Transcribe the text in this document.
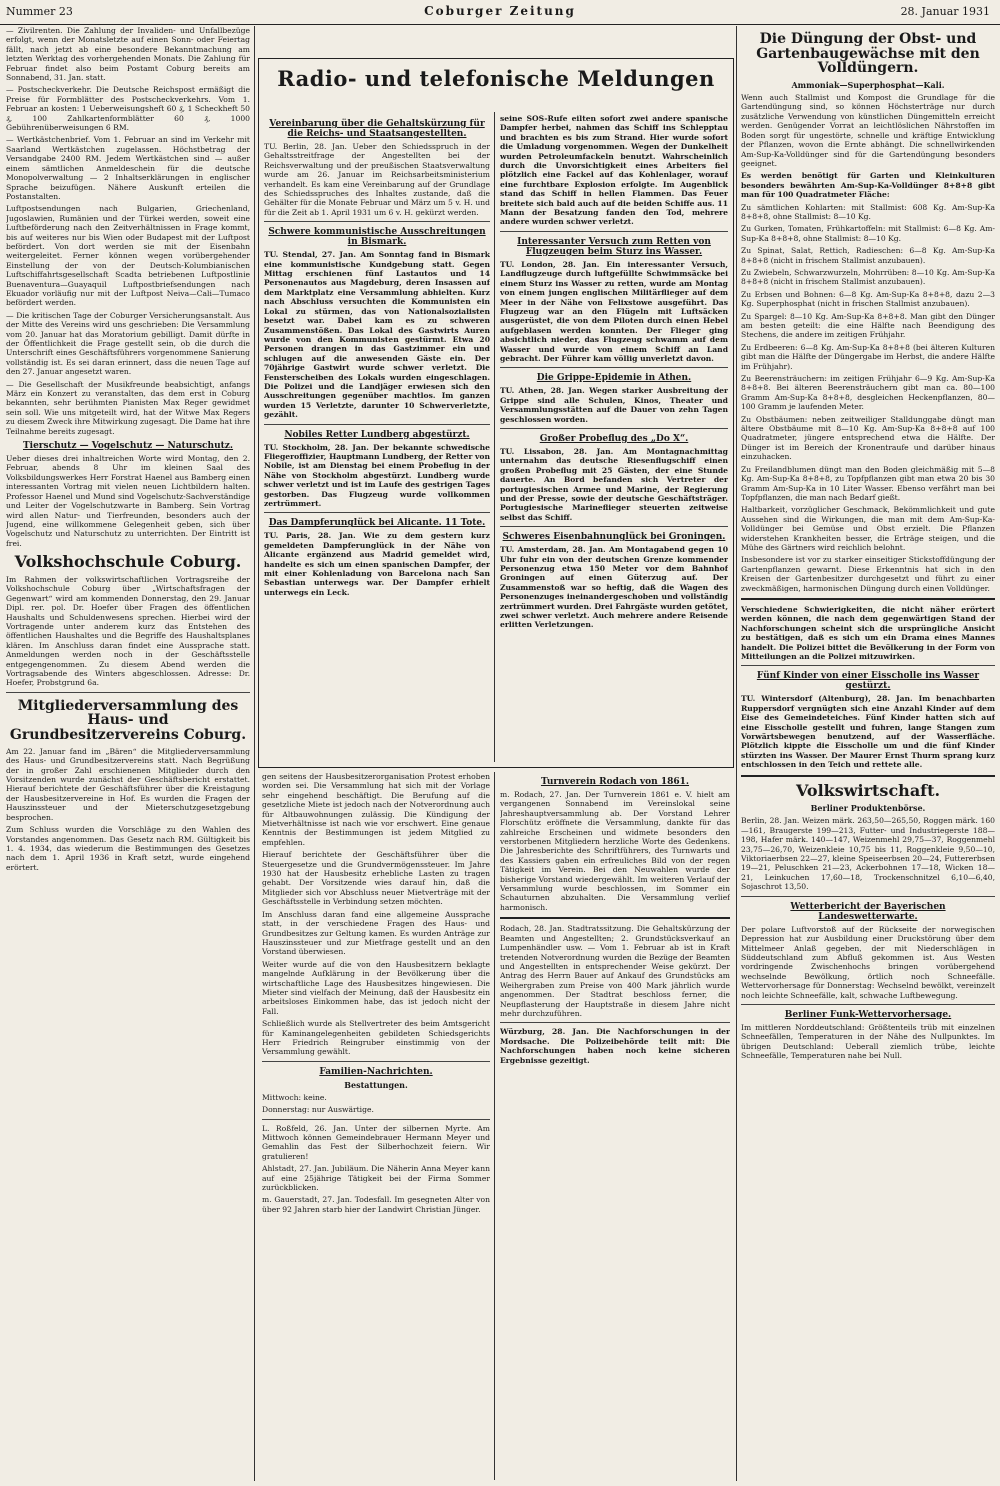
Nummer 23	Coburger Zeitung	28. Januar 1931

— Zivilrenten. Die Zahlung der Invaliden- und Unfallbezüge erfolgt, wenn der Monatsletzte auf einen Sonn- oder Feiertag fällt, nach jetzt ab eine besondere Bekanntmachung am letzten Werktag des vorhergehenden Monats. Die Zahlung für Februar findet also beim Postamt Coburg bereits am Sonnabend, 31. Jan. statt.

— Postscheckverkehr. Die Deutsche Reichspost ermäßigt die Preise für Formblätter des Postscheckverkehrs. Vom 1. Februar an kosten: 1 Ueberweisungsheft 60 ₰, 1 Scheckheft 50 ₰, 100 Zahlkartenformblätter 60 ₰, 1000 Gebührenüberweisungen 6 RM.

— Wertkästchenbrief. Vom 1. Februar an sind im Verkehr mit Saarland Wertkästchen zugelassen. Höchstbetrag der Versandgabe 2400 RM. Jedem Wertkästchen sind — außer einem sämtlichen Anmeldeschein für die deutsche Monopolverwaltung — 2 Inhaltserklärungen in englischer Sprache beizufügen. Nähere Auskunft erteilen die Postanstalten.

Luftpostsendungen nach Bulgarien, Griechenland, Jugoslawien, Rumänien und der Türkei werden, soweit eine Luftbeförderung nach den Zeitverhältnissen in Frage kommt, bis auf weiteres nur bis Wien oder Budapest mit der Luftpost befördert. Von dort werden sie mit der Eisenbahn weitergeleitet. Ferner können wegen vorübergehender Einstellung der von der Deutsch-Kolumbianischen Luftschiffahrtsgesellschaft Scadta betriebenen Luftpostlinie Buenaventura—Guayaquil Luftpostbriefsendungen nach Ekuador vorläufig nur mit der Luftpost Neiva—Cali—Tumaco befördert werden.

— Die kritischen Tage der Coburger Versicherungsanstalt. Aus der Mitte des Vereins wird uns geschrieben: Die Versammlung vom 20. Januar hat das Moratorium gebilligt. Damit dürfte in der Öffentlichkeit die Frage gestellt sein, ob die durch die Unterschrift eines Geschäftsführers vorgenommene Sanierung vollständig ist. Es sei daran erinnert, dass die neuen Tage auf den 27. Januar angesetzt waren.

— Die Gesellschaft der Musikfreunde beabsichtigt, anfangs März ein Konzert zu veranstalten, das dem erst in Coburg bekannten, sehr berühmten Pianisten Max Reger gewidmet sein soll. Wie uns mitgeteilt wird, hat der Witwe Max Regers zu diesem Zweck ihre Mitwirkung zugesagt. Die Dame hat ihre Teilnahme bereits zugesagt.

Tierschutz — Vogelschutz — Naturschutz.

Ueber dieses drei inhaltreichen Worte wird Montag, den 2. Februar, abends 8 Uhr im kleinen Saal des Volksbildungswerkes Herr Forstrat Haenel aus Bamberg einen interessanten Vortrag mit vielen neuen Lichtbildern halten. Professor Haenel und Mund sind Vogelschutz-Sachverständige und Leiter der Vogelschutzwarte in Bamberg. Sein Vortrag wird allen Natur- und Tierfreunden, besonders auch der Jugend, eine willkommene Gelegenheit geben, sich über Vogelschutz und Naturschutz zu unterrichten. Der Eintritt ist frei.

Volkshochschule Coburg.

Im Rahmen der volkswirtschaftlichen Vortragsreihe der Volkshochschule Coburg über „Wirtschaftsfragen der Gegenwart“ wird am kommenden Donnerstag, den 29. Januar Dipl. rer. pol. Dr. Hoefer über Fragen des öffentlichen Haushalts und Schuldenwesens sprechen. Hierbei wird der Vortragende unter anderem kurz das Entstehen des öffentlichen Haushaltes und die Begriffe des Haushaltsplanes klären. Im Anschluss daran findet eine Aussprache statt. Anmeldungen werden noch in der Geschäftsstelle entgegengenommen. Zu diesem Abend werden die Vortragsabende des Winters abgeschlossen. Adresse: Dr. Hoefer, Probstgrund 6a.

Mitgliederversammlung des Haus- und Grundbesitzervereins Coburg.

Am 22. Januar fand im „Bären“ die Mitgliederversammlung des Haus- und Grundbesitzervereins statt. Nach Begrüßung der in großer Zahl erschienenen Mitglieder durch den Vorsitzenden wurde zunächst der Geschäftsbericht erstattet. Hierauf berichtete der Geschäftsführer über die Kreistagung der Hausbesitzervereine in Hof. Es wurden die Fragen der Hauszinssteuer und der Mieterschutzgesetzgebung besprochen.

Zum Schluss wurden die Vorschläge zu den Wahlen des Vorstandes angenommen. Das Gesetz nach RM. Gültigkeit bis 1. 4. 1934, das wiederum die Bestimmungen des Gesetzes nach dem 1. April 1936 in Kraft setzt, wurde eingehend erörtert.

Radio- und telefonische Meldungen
Vereinbarung über die Gehaltskürzung für die Reichs- und Staatsangestellten.

TU. Berlin, 28. Jan. Ueber den Schiedsspruch in der Gehaltsstreitfrage der Angestellten bei der Reichsverwaltung und der preußischen Staatsverwaltung wurde am 26. Januar im Reichsarbeitsministerium verhandelt. Es kam eine Vereinbarung auf der Grundlage des Schiedsspruches des Inhaltes zustande, daß die Gehälter für die Monate Februar und März um 5 v. H. und für die Zeit ab 1. April 1931 um 6 v. H. gekürzt werden.

Schwere kommunistische Ausschreitungen in Bismark.

TU. Stendal, 27. Jan. Am Sonntag fand in Bismark eine kommunistische Kundgebung statt. Gegen Mittag erschienen fünf Lastautos und 14 Personenautos aus Magdeburg, deren Insassen auf dem Marktplatz eine Versammlung abhielten. Kurz nach Abschluss versuchten die Kommunisten ein Lokal zu stürmen, das von Nationalsozialisten besetzt war. Dabei kam es zu schweren Zusammenstößen. Das Lokal des Gastwirts Auren wurde von den Kommunisten gestürmt. Etwa 20 Personen drangen in das Gastzimmer ein und schlugen auf die anwesenden Gäste ein. Der 70jährige Gastwirt wurde schwer verletzt. Die Fensterscheiben des Lokals wurden eingeschlagen. Die Polizei und die Landjäger erwiesen sich den Ausschreitungen gegenüber machtlos. Im ganzen wurden 15 Verletzte, darunter 10 Schwerverletzte, gezählt.

Nobiles Retter Lundberg abgestürzt.

TU. Stockholm, 28. Jan. Der bekannte schwedische Fliegeroffizier, Hauptmann Lundberg, der Retter von Nobile, ist am Dienstag bei einem Probeflug in der Nähe von Stockholm abgestürzt. Lundberg wurde schwer verletzt und ist im Laufe des gestrigen Tages gestorben. Das Flugzeug wurde vollkommen zertrümmert.

Das Dampferunglück bei Alicante. 11 Tote.

TU. Paris, 28. Jan. Wie zu dem gestern kurz gemeldeten Dampferunglück in der Nähe von Alicante ergänzend aus Madrid gemeldet wird, handelte es sich um einen spanischen Dampfer, der mit einer Kohlenladung von Barcelona nach San Sebastian unterwegs war. Der Dampfer erhielt unterwegs ein Leck.

seine SOS-Rufe eilten sofort zwei andere spanische Dampfer herbei, nahmen das Schiff ins Schlepptau und brachten es bis zum Strand. Hier wurde sofort die Umladung vorgenommen. Wegen der Dunkelheit wurden Petroleumfackeln benutzt. Wahrscheinlich durch die Unvorsichtigkeit eines Arbeiters fiel plötzlich eine Fackel auf das Kohlenlager, worauf eine furchtbare Explosion erfolgte. Im Augenblick stand das Schiff in hellen Flammen. Das Feuer breitete sich bald auch auf die beiden Schiffe aus. 11 Mann der Besatzung fanden den Tod, mehrere andere wurden schwer verletzt.

Interessanter Versuch zum Retten von Flugzeugen beim Sturz ins Wasser.

TU. London, 28. Jan. Ein interessanter Versuch, Landflugzeuge durch luftgefüllte Schwimmsäcke bei einem Sturz ins Wasser zu retten, wurde am Montag von einem jungen englischen Militärflieger auf dem Meer in der Nähe von Felixstowe ausgeführt. Das Flugzeug war an den Flügeln mit Luftsäcken ausgerüstet, die von dem Piloten durch einen Hebel aufgeblasen werden konnten. Der Flieger ging absichtlich nieder, das Flugzeug schwamm auf dem Wasser und wurde von einem Schiff an Land gebracht. Der Führer kam völlig unverletzt davon.

Die Grippe-Epidemie in Athen.

TU. Athen, 28. Jan. Wegen starker Ausbreitung der Grippe sind alle Schulen, Kinos, Theater und Versammlungsstätten auf die Dauer von zehn Tagen geschlossen worden.

Großer Probeflug des „Do X“.

TU. Lissabon, 28. Jan. Am Montagnachmittag unternahm das deutsche Riesenflugschiff einen großen Probeflug mit 25 Gästen, der eine Stunde dauerte. An Bord befanden sich Vertreter der portugiesischen Armee und Marine, der Regierung und der Presse, sowie der deutsche Geschäftsträger. Portugiesische Marineflieger steuerten zeitweise selbst das Schiff.

Schweres Eisenbahnunglück bei Groningen.

TU. Amsterdam, 28. Jan. Am Montagabend gegen 10 Uhr fuhr ein von der deutschen Grenze kommender Personenzug etwa 150 Meter vor dem Bahnhof Groningen auf einen Güterzug auf. Der Zusammenstoß war so heftig, daß die Wagen des Personenzuges ineinandergeschoben und vollständig zertrümmert wurden. Drei Fahrgäste wurden getötet, zwei schwer verletzt. Auch mehrere andere Reisende erlitten Verletzungen.

gen seitens der Hausbesitzerorganisation Protest erhoben worden sei. Die Versammlung hat sich mit der Vorlage sehr eingehend beschäftigt. Die Berufung auf die gesetzliche Miete ist jedoch nach der Notverordnung auch für Altbauwohnungen zulässig. Die Kündigung der Mietverhältnisse ist nach wie vor erschwert. Eine genaue Kenntnis der Bestimmungen ist jedem Mitglied zu empfehlen.

Hierauf berichtete der Geschäftsführer über die Steuergesetze und die Grundvermögenssteuer. Im Jahre 1930 hat der Hausbesitz erhebliche Lasten zu tragen gehabt. Der Vorsitzende wies darauf hin, daß die Mitglieder sich vor Abschluss neuer Mietverträge mit der Geschäftsstelle in Verbindung setzen möchten.

Im Anschluss daran fand eine allgemeine Aussprache statt, in der verschiedene Fragen des Haus- und Grundbesitzes zur Geltung kamen. Es wurden Anträge zur Hauszinssteuer und zur Mietfrage gestellt und an den Vorstand überwiesen.

Weiter wurde auf die von den Hausbesitzern beklagte mangelnde Aufklärung in der Bevölkerung über die wirtschaftliche Lage des Hausbesitzes hingewiesen. Die Mieter sind vielfach der Meinung, daß der Hausbesitz ein arbeitsloses Einkommen habe, das ist jedoch nicht der Fall.

Schließlich wurde als Stellvertreter des beim Amtsgericht für Kaminangelegenheiten gebildeten Schiedsgerichts Herr Friedrich Reingruber einstimmig von der Versammlung gewählt.

Familien-Nachrichten.
Bestattungen.

Mittwoch: keine.

Donnerstag: nur Auswärtige.

L. Roßfeld, 26. Jan. Unter der silbernen Myrte. Am Mittwoch können Gemeindebrauer Hermann Meyer und Gemahlin das Fest der Silberhochzeit feiern. Wir gratulieren!

Ahlstadt, 27. Jan. Jubiläum. Die Näherin Anna Meyer kann auf eine 25jährige Tätigkeit bei der Firma Sommer zurückblicken.

m. Gauerstadt, 27. Jan. Todesfall. Im gesegneten Alter von über 92 Jahren starb hier der Landwirt Christian Jünger.

Turnverein Rodach von 1861.

m. Rodach, 27. Jan. Der Turnverein 1861 e. V. hielt am vergangenen Sonnabend im Vereinslokal seine Jahreshauptversammlung ab. Der Vorstand Lehrer Florschütz eröffnete die Versammlung, dankte für das zahlreiche Erscheinen und widmete besonders den verstorbenen Mitgliedern herzliche Worte des Gedenkens. Die Jahresberichte des Schriftführers, des Turnwarts und des Kassiers gaben ein erfreuliches Bild von der regen Tätigkeit im Verein. Bei den Neuwahlen wurde der bisherige Vorstand wiedergewählt. Im weiteren Verlauf der Versammlung wurde beschlossen, im Sommer ein Schauturnen abzuhalten. Die Versammlung verlief harmonisch.

Rodach, 28. Jan. Stadtratssitzung. Die Gehaltskürzung der Beamten und Angestellten; 2. Grundstücksverkauf an Lumpenhändler usw. — Vom 1. Februar ab ist in Kraft tretenden Notverordnung wurden die Bezüge der Beamten und Angestellten in entsprechender Weise gekürzt. Der Antrag des Herrn Bauer auf Ankauf des Grundstücks am Weihergraben zum Preise von 400 Mark jährlich wurde angenommen. Der Stadtrat beschloss ferner, die Neupflasterung der Hauptstraße in diesem Jahre nicht mehr durchzuführen.

Würzburg, 28. Jan. Die Nachforschungen in der Mordsache. Die Polizeibehörde teilt mit: Die Nachforschungen haben noch keine sicheren Ergebnisse gezeitigt.

Die Düngung der Obst- und Gartenbaugewächse mit den Volldüngern.
Ammoniak—Superphosphat—Kali.

Wenn auch Stallmist und Kompost die Grundlage für die Gartendüngung sind, so können Höchsterträge nur durch zusätzliche Verwendung von künstlichen Düngemitteln erreicht werden. Genügender Vorrat an leichtlöslichen Nährstoffen im Boden sorgt für ungestörte, schnelle und kräftige Entwicklung der Pflanzen, wovon die Ernte abhängt. Die schnellwirkenden Am-Sup-Ka-Volldünger sind für die Gartendüngung besonders geeignet.

Es werden benötigt für Garten und Kleinkulturen besonders bewährten Am-Sup-Ka-Volldünger 8+8+8 gibt man für 100 Quadratmeter Fläche:

Zu sämtlichen Kohlarten: mit Stallmist: 608 Kg. Am-Sup-Ka 8+8+8, ohne Stallmist: 8—10 Kg.

Zu Gurken, Tomaten, Frühkartoffeln: mit Stallmist: 6—8 Kg. Am-Sup-Ka 8+8+8, ohne Stallmist: 8—10 Kg.

Zu Spinat, Salat, Rettich, Radieschen: 6—8 Kg. Am-Sup-Ka 8+8+8 (nicht in frischem Stallmist anzubauen).

Zu Zwiebeln, Schwarzwurzeln, Mohrrüben: 8—10 Kg. Am-Sup-Ka 8+8+8 (nicht in frischem Stallmist anzubauen).

Zu Erbsen und Bohnen: 6—8 Kg. Am-Sup-Ka 8+8+8, dazu 2—3 Kg. Superphosphat (nicht in frischen Stallmist anzubauen).

Zu Spargel: 8—10 Kg. Am-Sup-Ka 8+8+8. Man gibt den Dünger am besten geteilt: die eine Hälfte nach Beendigung des Stechens, die andere im zeitigen Frühjahr.

Zu Erdbeeren: 6—8 Kg. Am-Sup-Ka 8+8+8 (bei älteren Kulturen gibt man die Hälfte der Düngergabe im Herbst, die andere Hälfte im Frühjahr).

Zu Beerensträuchern: im zeitigen Frühjahr 6—9 Kg. Am-Sup-Ka 8+8+8. Bei älteren Beerensträuchern gibt man ca. 80—100 Gramm Am-Sup-Ka 8+8+8, desgleichen Heckenpflanzen, 80—100 Gramm je laufenden Meter.

Zu Obstbäumen: neben zeitweiliger Stalldunggabe düngt man ältere Obstbäume mit 8—10 Kg. Am-Sup-Ka 8+8+8 auf 100 Quadratmeter, jüngere entsprechend etwa die Hälfte. Der Dünger ist im Bereich der Kronentraufe und darüber hinaus einzuhacken.

Zu Freilandblumen düngt man den Boden gleichmäßig mit 5—8 Kg. Am-Sup-Ka 8+8+8, zu Topfpflanzen gibt man etwa 20 bis 30 Gramm Am-Sup-Ka in 10 Liter Wasser. Ebenso verfährt man bei Topfpflanzen, die man nach Bedarf gießt.

Haltbarkeit, vorzüglicher Geschmack, Bekömmlichkeit und gute Aussehen sind die Wirkungen, die man mit dem Am-Sup-Ka-Volldünger bei Gemüse und Obst erzielt. Die Pflanzen widerstehen Krankheiten besser, die Erträge steigen, und die Mühe des Gärtners wird reichlich belohnt.

Insbesondere ist vor zu starker einseitiger Stickstoffdüngung der Gartenpflanzen gewarnt. Diese Erkenntnis hat sich in den Kreisen der Gartenbesitzer durchgesetzt und führt zu einer zweckmäßigen, harmonischen Düngung durch einen Volldünger.

Verschiedene Schwierigkeiten, die nicht näher erörtert werden können, die nach dem gegenwärtigen Stand der Nachforschungen scheint sich die ursprüngliche Ansicht zu bestätigen, daß es sich um ein Drama eines Mannes handelt. Die Polizei bittet die Bevölkerung in der Form von Mitteilungen an die Polizei mitzuwirken.

Fünf Kinder von einer Eisscholle ins Wasser gestürzt.

TU. Wintersdorf (Altenburg), 28. Jan. Im benachbarten Ruppersdorf vergnügten sich eine Anzahl Kinder auf dem Eise des Gemeindeteiches. Fünf Kinder hatten sich auf eine Eisscholle gestellt und fuhren, lange Stangen zum Vorwärtsbewegen benutzend, auf der Wasserfläche. Plötzlich kippte die Eisscholle um und die fünf Kinder stürzten ins Wasser. Der Maurer Ernst Thurm sprang kurz entschlossen in den Teich und rettete alle.

Volkswirtschaft.
Berliner Produktenbörse.

Berlin, 28. Jan. Weizen märk. 263,50—265,50, Roggen märk. 160—161, Braugerste 199—213, Futter- und Industriegerste 188—198, Hafer märk. 140—147, Weizenmehl 29,75—37, Roggenmehl 23,75—26,70, Weizenkleie 10,75 bis 11, Roggenkleie 9,50—10, Viktoriaerbsen 22—27, kleine Speiseerbsen 20—24, Futtererbsen 19—21, Peluschken 21—23, Ackerbohnen 17—18, Wicken 18—21, Leinkuchen 17,60—18, Trockenschnitzel 6,10—6,40, Sojaschrot 13,50.

Wetterbericht der Bayerischen Landeswetterwarte.

Der polare Luftvorstoß auf der Rückseite der norwegischen Depression hat zur Ausbildung einer Druckstörung über dem Mittelmeer Anlaß gegeben, der mit Niederschlägen in Süddeutschland zum Abfluß gekommen ist. Aus Westen vordringende Zwischenhochs bringen vorübergehend wechselnde Bewölkung, örtlich noch Schneefälle. Wettervorhersage für Donnerstag: Wechselnd bewölkt, vereinzelt noch leichte Schneefälle, kalt, schwache Luftbewegung.

Berliner Funk-Wettervorhersage.

Im mittleren Norddeutschland: Größtenteils trüb mit einzelnen Schneefällen, Temperaturen in der Nähe des Nullpunktes. Im übrigen Deutschland: Ueberall ziemlich trübe, leichte Schneefälle, Temperaturen nahe bei Null.
